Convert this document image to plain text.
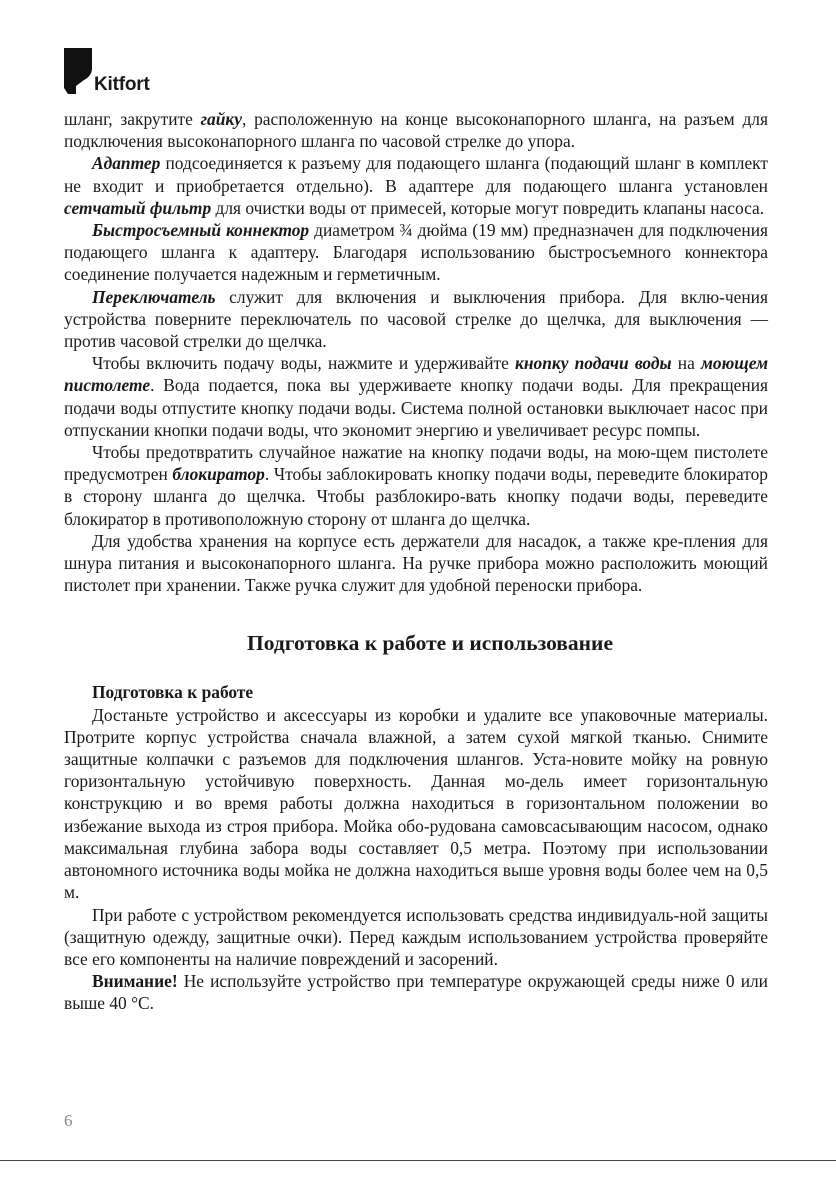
Kitfort

шланг, закрутите гайку, расположенную на конце высоконапорного шланга, на разъем для подключения высоконапорного шланга по часовой стрелке до упора.

Адаптер подсоединяется к разъему для подающего шланга (подающий шланг в комплект не входит и приобретается отдельно). В адаптере для подающего шланга установлен сетчатый фильтр для очистки воды от примесей, которые могут повредить клапаны насоса.

Быстросъемный коннектор диаметром ¾ дюйма (19 мм) предназначен для подключения подающего шланга к адаптеру. Благодаря использованию быстросъемного коннектора соединение получается надежным и герметичным.

Переключатель служит для включения и выключения прибора. Для вклю-чения устройства поверните переключатель по часовой стрелке до щелчка, для выключения — против часовой стрелки до щелчка.

Чтобы включить подачу воды, нажмите и удерживайте кнопку подачи воды на моющем пистолете. Вода подается, пока вы удерживаете кнопку подачи воды. Для прекращения подачи воды отпустите кнопку подачи воды. Система полной остановки выключает насос при отпускании кнопки подачи воды, что экономит энергию и увеличивает ресурс помпы.

Чтобы предотвратить случайное нажатие на кнопку подачи воды, на мою-щем пистолете предусмотрен блокиратор. Чтобы заблокировать кнопку подачи воды, переведите блокиратор в сторону шланга до щелчка. Чтобы разблокиро-вать кнопку подачи воды, переведите блокиратор в противоположную сторону от шланга до щелчка.

Для удобства хранения на корпусе есть держатели для насадок, а также кре-пления для шнура питания и высоконапорного шланга. На ручке прибора можно расположить моющий пистолет при хранении. Также ручка служит для удобной переноски прибора.

Подготовка к работе и использование
Подготовка к работе

Достаньте устройство и аксессуары из коробки и удалите все упаковочные материалы. Протрите корпус устройства сначала влажной, а затем сухой мягкой тканью. Снимите защитные колпачки с разъемов для подключения шлангов. Уста-новите мойку на ровную горизонтальную устойчивую поверхность. Данная мо-дель имеет горизонтальную конструкцию и во время работы должна находиться в горизонтальном положении во избежание выхода из строя прибора. Мойка обо-рудована самовсасывающим насосом, однако максимальная глубина забора воды составляет 0,5 метра. Поэтому при использовании автономного источника воды мойка не должна находиться выше уровня воды более чем на 0,5 м.

При работе с устройством рекомендуется использовать средства индивидуаль-ной защиты (защитную одежду, защитные очки). Перед каждым использованием устройства проверяйте все его компоненты на наличие повреждений и засорений.

Внимание! Не используйте устройство при температуре окружающей среды ниже 0 или выше 40 °C.

6
